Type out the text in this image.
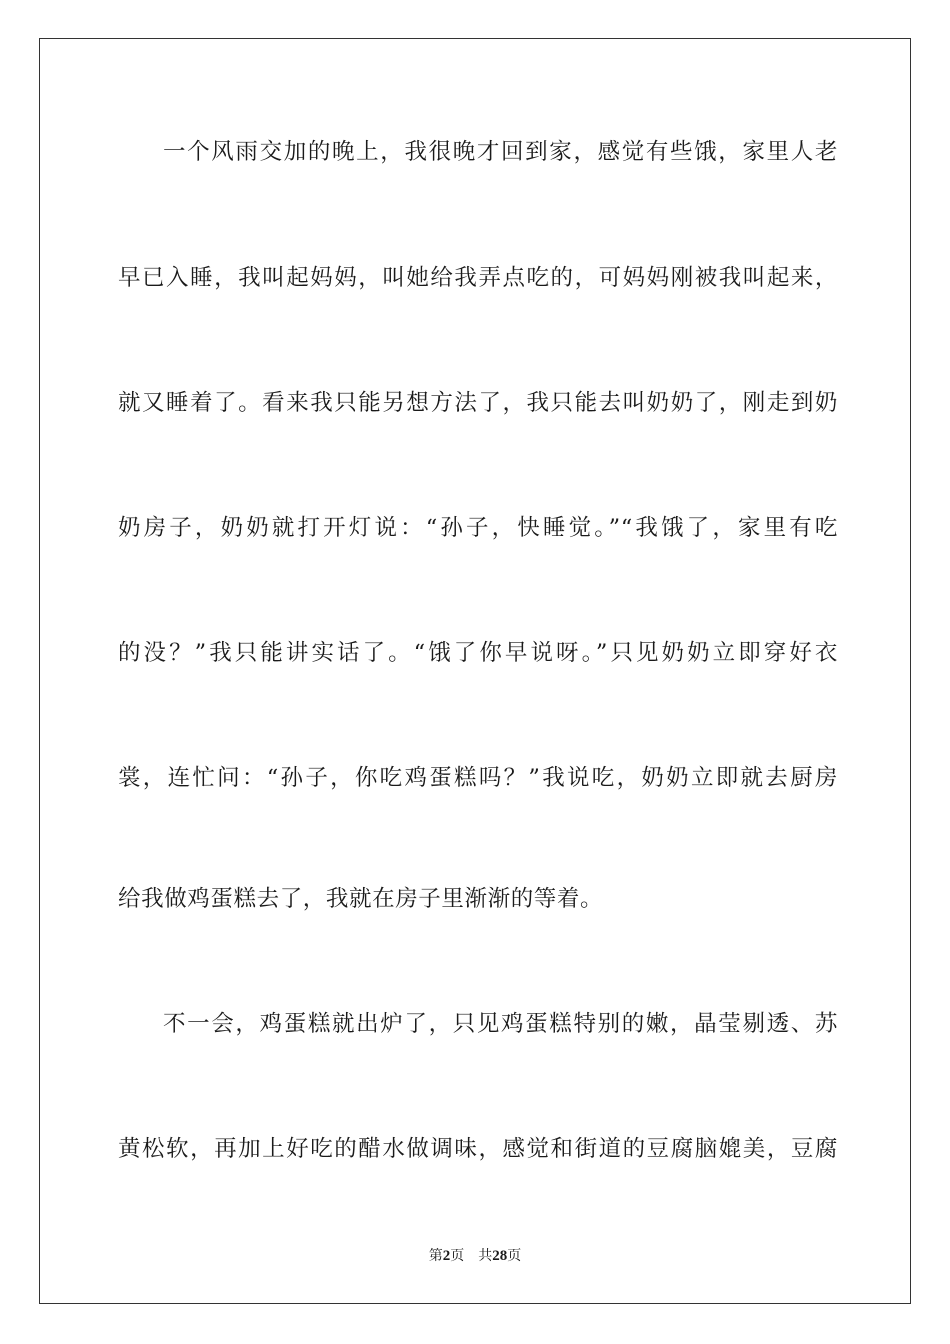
一个风雨交加的晚上，我很晚才回到家，感觉有些饿，家里人老
早已入睡，我叫起妈妈，叫她给我弄点吃的，可妈妈刚被我叫起来，
就又睡着了。看来我只能另想方法了，我只能去叫奶奶了，刚走到奶
奶房子，奶奶就打开灯说：“孙子，快睡觉。”“我饿了，家里有吃
的没？”我只能讲实话了。“饿了你早说呀。”只见奶奶立即穿好衣
裳，连忙问：“孙子，你吃鸡蛋糕吗？”我说吃，奶奶立即就去厨房
给我做鸡蛋糕去了，我就在房子里渐渐的等着。
不一会，鸡蛋糕就出炉了，只见鸡蛋糕特别的嫩，晶莹剔透、苏
黄松软，再加上好吃的醋水做调味，感觉和街道的豆腐脑媲美，豆腐
第2页 共28页
